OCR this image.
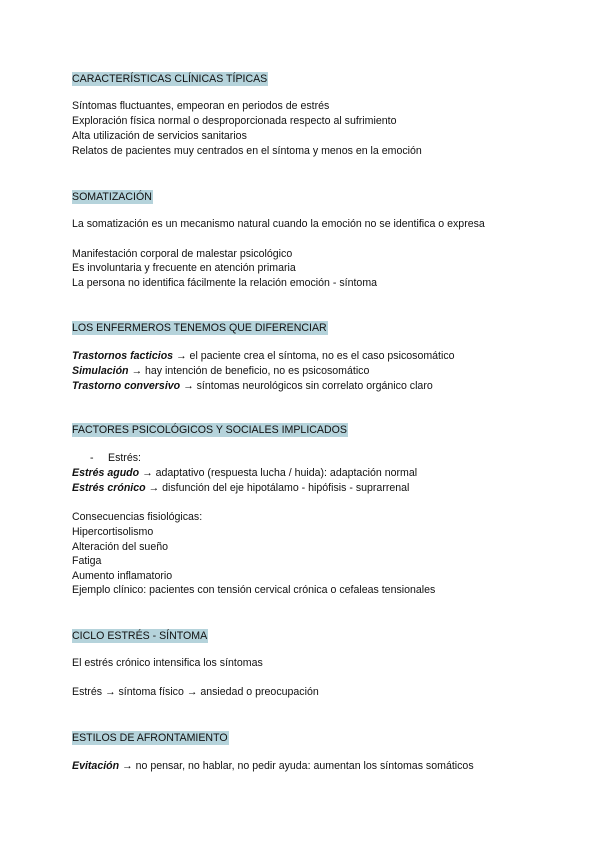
CARACTERÍSTICAS CLÍNICAS TÍPICAS
Síntomas fluctuantes, empeoran en periodos de estrés
Exploración física normal o desproporcionada respecto al sufrimiento
Alta utilización de servicios sanitarios
Relatos de pacientes muy centrados en el síntoma y menos en la emoción
SOMATIZACIÓN
La somatización es un mecanismo natural cuando la emoción no se identifica o expresa
Manifestación corporal de malestar psicológico
Es involuntaria y frecuente en atención primaria
La persona no identifica fácilmente la relación emoción - síntoma
LOS ENFERMEROS TENEMOS QUE DIFERENCIAR
Trastornos facticios → el paciente crea el síntoma, no es el caso psicosomático
Simulación → hay intención de beneficio, no es psicosomático
Trastorno conversivo → síntomas neurológicos sin correlato orgánico claro
FACTORES PSICOLÓGICOS Y SOCIALES IMPLICADOS
- Estrés:
Estrés agudo → adaptativo (respuesta lucha / huida): adaptación normal
Estrés crónico → disfunción del eje hipotálamo - hipófisis - suprarrenal
Consecuencias fisiológicas:
Hipercortisolismo
Alteración del sueño
Fatiga
Aumento inflamatorio
Ejemplo clínico: pacientes con tensión cervical crónica o cefaleas tensionales
CICLO ESTRÉS - SÍNTOMA
El estrés crónico intensifica los síntomas
Estrés → síntoma físico → ansiedad o preocupación
ESTILOS DE AFRONTAMIENTO
Evitación → no pensar, no hablar, no pedir ayuda: aumentan los síntomas somáticos
